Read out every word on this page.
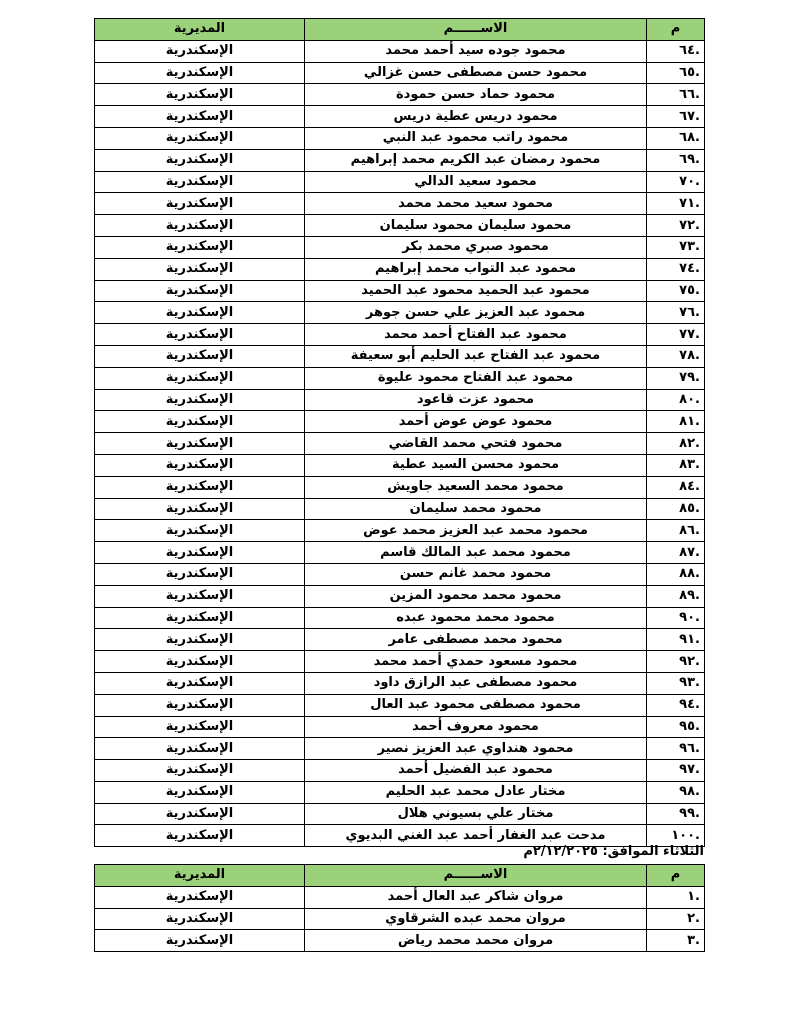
م	الاســــــم	المديرية
.٦٤	محمود جوده سيد أحمد محمد	الإسكندرية
.٦٥	محمود حسن مصطفى حسن غزالي	الإسكندرية
.٦٦	محمود حماد حسن حمودة	الإسكندرية
.٦٧	محمود دريس عطية دريس	الإسكندرية
.٦٨	محمود راتب محمود عبد النبي	الإسكندرية
.٦٩	محمود رمضان عبد الكريم محمد إبراهيم	الإسكندرية
.٧٠	محمود سعيد الدالي	الإسكندرية
.٧١	محمود سعيد محمد محمد	الإسكندرية
.٧٢	محمود سليمان محمود سليمان	الإسكندرية
.٧٣	محمود صبري محمد بكر	الإسكندرية
.٧٤	محمود عبد التواب محمد إبراهيم	الإسكندرية
.٧٥	محمود عبد الحميد محمود عبد الحميد	الإسكندرية
.٧٦	محمود عبد العزيز علي حسن جوهر	الإسكندرية
.٧٧	محمود عبد الفتاح أحمد محمد	الإسكندرية
.٧٨	محمود عبد الفتاح عبد الحليم أبو سعيفة	الإسكندرية
.٧٩	محمود عبد الفتاح محمود عليوة	الإسكندرية
.٨٠	محمود عزت قاعود	الإسكندرية
.٨١	محمود عوض عوض أحمد	الإسكندرية
.٨٢	محمود فتحي محمد القاضي	الإسكندرية
.٨٣	محمود محسن السيد عطية	الإسكندرية
.٨٤	محمود محمد السعيد جاويش	الإسكندرية
.٨٥	محمود محمد سليمان	الإسكندرية
.٨٦	محمود محمد عبد العزيز محمد عوض	الإسكندرية
.٨٧	محمود محمد عبد المالك قاسم	الإسكندرية
.٨٨	محمود محمد غانم حسن	الإسكندرية
.٨٩	محمود محمد محمود المزين	الإسكندرية
.٩٠	محمود محمد محمود عبده	الإسكندرية
.٩١	محمود محمد مصطفى عامر	الإسكندرية
.٩٢	محمود مسعود حمدي أحمد محمد	الإسكندرية
.٩٣	محمود مصطفى عبد الرازق داود	الإسكندرية
.٩٤	محمود مصطفى محمود عبد العال	الإسكندرية
.٩٥	محمود معروف أحمد	الإسكندرية
.٩٦	محمود هنداوي عبد العزيز نصير	الإسكندرية
.٩٧	محمود عبد الفضيل أحمد	الإسكندرية
.٩٨	مختار عادل محمد عبد الحليم	الإسكندرية
.٩٩	مختار علي بسيوني هلال	الإسكندرية
.١٠٠	مدحت عبد الغفار أحمد عبد الغني البديوي	الإسكندرية
الثلاثاء الموافق: ٢/١٢/٢٠٢٥م
م	الاســــــم	المديرية
.١	مروان شاكر عبد العال أحمد	الإسكندرية
.٢	مروان محمد عبده الشرقاوي	الإسكندرية
.٣	مروان محمد محمد رياض	الإسكندرية
